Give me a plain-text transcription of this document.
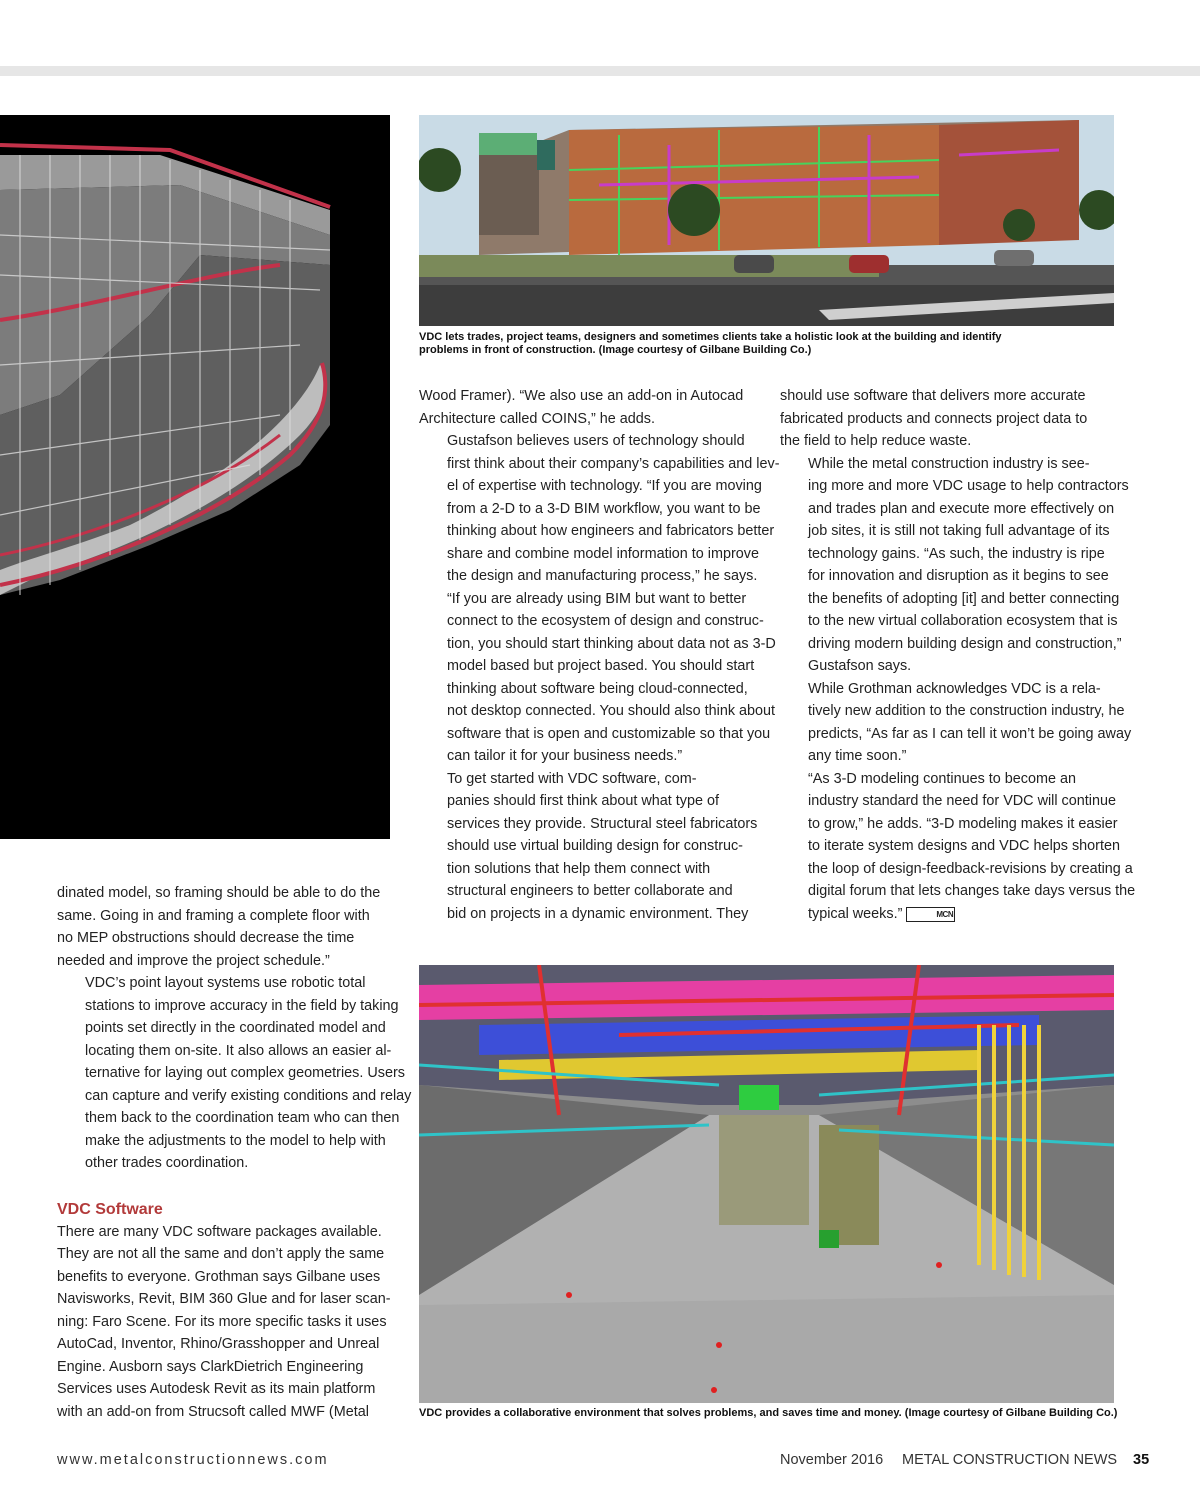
VDC lets trades, project teams, designers and sometimes clients take a holistic look at the building and identify problems in front of construction. (Image courtesy of Gilbane Building Co.)

Wood Framer). “We also use an add-on in Autocad
Architecture called COINS,” he adds.

Gustafson believes users of technology should
first think about their company’s capabilities and lev-
el of expertise with technology. “If you are moving
from a 2-D to a 3-D BIM workflow, you want to be
thinking about how engineers and fabricators better
share and combine model information to improve
the design and manufacturing process,” he says.
“If you are already using BIM but want to better
connect to the ecosystem of design and construc-
tion, you should start thinking about data not as 3-D
model based but project based. You should start
thinking about software being cloud-connected,
not desktop connected. You should also think about
software that is open and customizable so that you
can tailor it for your business needs.”

To get started with VDC software, com-
panies should first think about what type of
services they provide. Structural steel fabricators
should use virtual building design for construc-
tion solutions that help them connect with
structural engineers to better collaborate and
bid on projects in a dynamic environment. They

should use software that delivers more accurate
fabricated products and connects project data to
the field to help reduce waste.

While the metal construction industry is see-
ing more and more VDC usage to help contractors
and trades plan and execute more effectively on
job sites, it is still not taking full advantage of its
technology gains. “As such, the industry is ripe
for innovation and disruption as it begins to see
the benefits of adopting [it] and better connecting
to the new virtual collaboration ecosystem that is
driving modern building design and construction,”
Gustafson says.

While Grothman acknowledges VDC is a rela-
tively new addition to the construction industry, he
predicts, “As far as I can tell it won’t be going away
any time soon.”

“As 3-D modeling continues to become an
industry standard the need for VDC will continue
to grow,” he adds. “3-D modeling makes it easier
to iterate system designs and VDC helps shorten
the loop of design-feedback-revisions by creating a
digital forum that lets changes take days versus the
typical weeks.”	MCN

dinated model, so framing should be able to do the
same. Going in and framing a complete floor with
no MEP obstructions should decrease the time
needed and improve the project schedule.”

VDC’s point layout systems use robotic total
stations to improve accuracy in the field by taking
points set directly in the coordinated model and
locating them on-site. It also allows an easier al-
ternative for laying out complex geometries. Users
can capture and verify existing conditions and relay
them back to the coordination team who can then
make the adjustments to the model to help with
other trades coordination.

VDC Software

There are many VDC software packages available.
They are not all the same and don’t apply the same
benefits to everyone. Grothman says Gilbane uses
Navisworks, Revit, BIM 360 Glue and for laser scan-
ning: Faro Scene. For its more specific tasks it uses
AutoCad, Inventor, Rhino/Grasshopper and Unreal
Engine. Ausborn says ClarkDietrich Engineering
Services uses Autodesk Revit as its main platform
with an add-on from Strucsoft called MWF (Metal	VDC provides a collaborative environment that solves problems, and saves time and money. (Image courtesy of Gilbane Building Co.)

www.metalconstructionnews.com	November 2016 METAL CONSTRUCTION NEWS 35
